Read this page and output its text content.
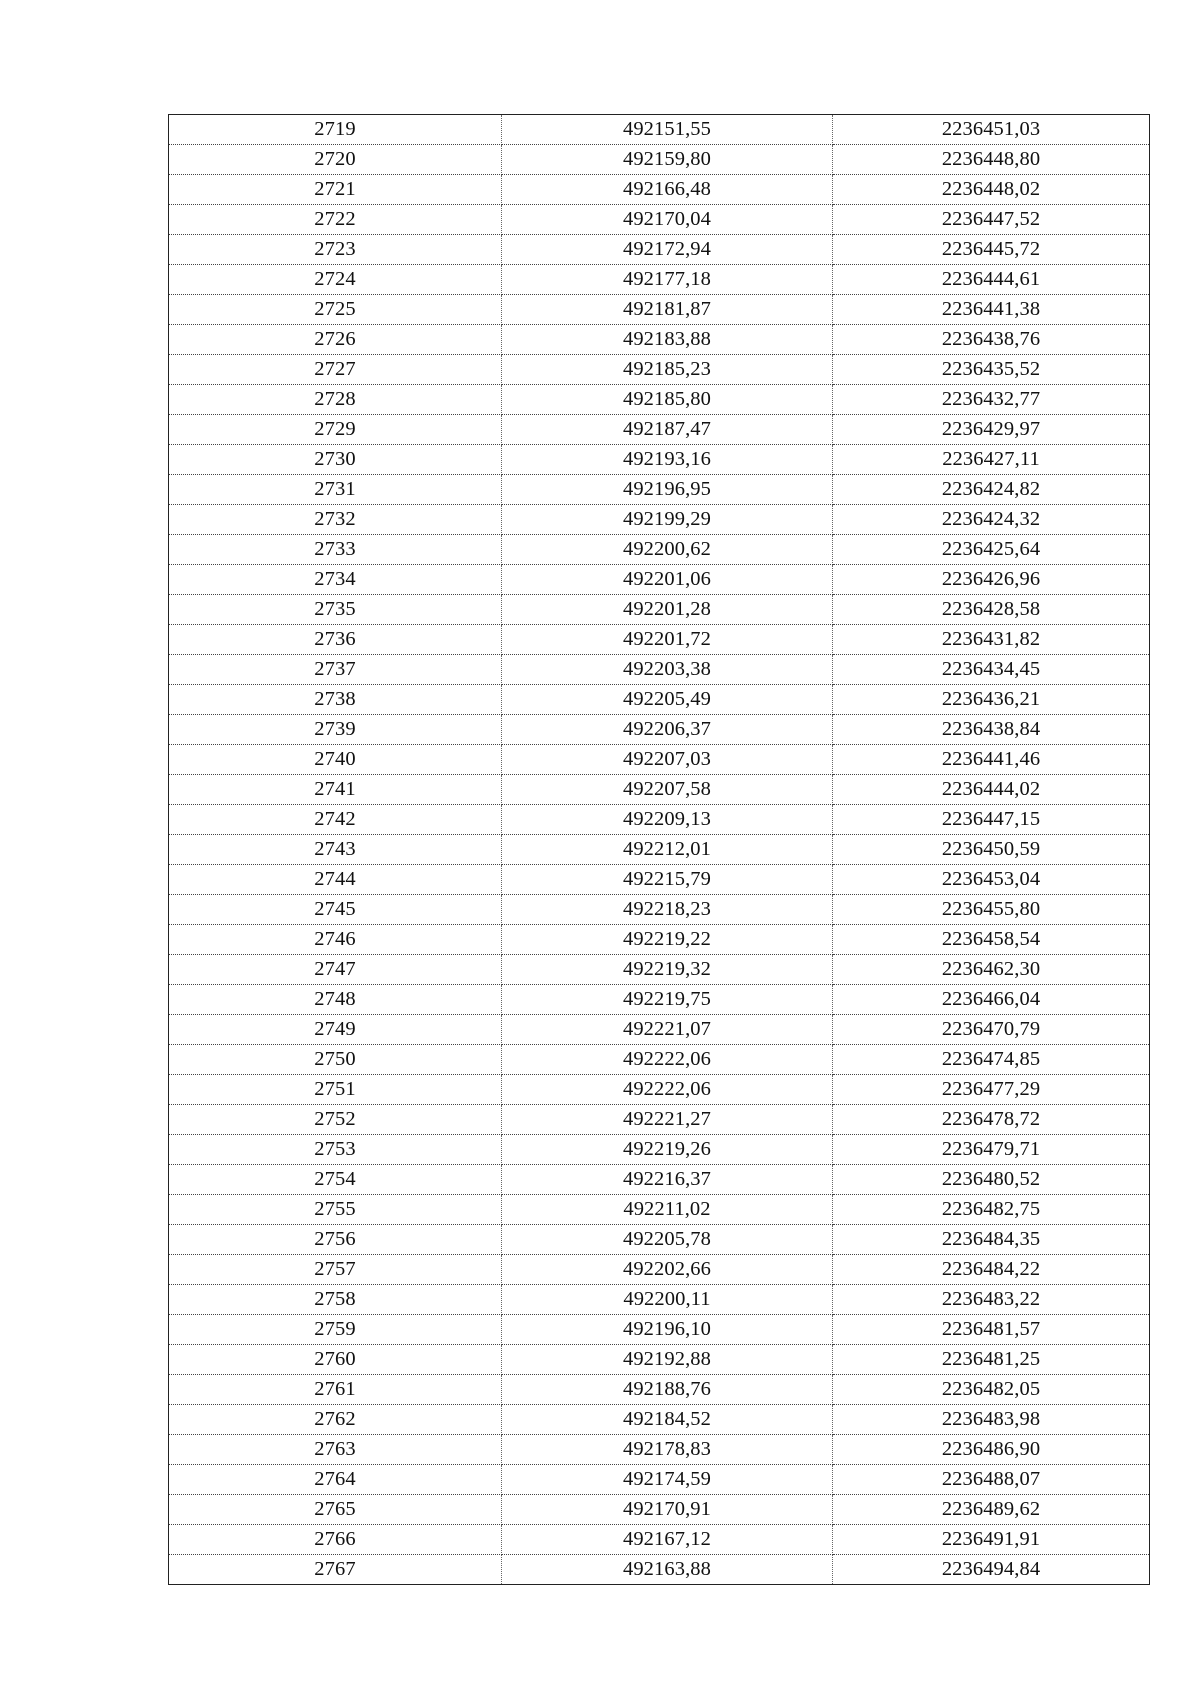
2719	492151,55	2236451,03
2720	492159,80	2236448,80
2721	492166,48	2236448,02
2722	492170,04	2236447,52
2723	492172,94	2236445,72
2724	492177,18	2236444,61
2725	492181,87	2236441,38
2726	492183,88	2236438,76
2727	492185,23	2236435,52
2728	492185,80	2236432,77
2729	492187,47	2236429,97
2730	492193,16	2236427,11
2731	492196,95	2236424,82
2732	492199,29	2236424,32
2733	492200,62	2236425,64
2734	492201,06	2236426,96
2735	492201,28	2236428,58
2736	492201,72	2236431,82
2737	492203,38	2236434,45
2738	492205,49	2236436,21
2739	492206,37	2236438,84
2740	492207,03	2236441,46
2741	492207,58	2236444,02
2742	492209,13	2236447,15
2743	492212,01	2236450,59
2744	492215,79	2236453,04
2745	492218,23	2236455,80
2746	492219,22	2236458,54
2747	492219,32	2236462,30
2748	492219,75	2236466,04
2749	492221,07	2236470,79
2750	492222,06	2236474,85
2751	492222,06	2236477,29
2752	492221,27	2236478,72
2753	492219,26	2236479,71
2754	492216,37	2236480,52
2755	492211,02	2236482,75
2756	492205,78	2236484,35
2757	492202,66	2236484,22
2758	492200,11	2236483,22
2759	492196,10	2236481,57
2760	492192,88	2236481,25
2761	492188,76	2236482,05
2762	492184,52	2236483,98
2763	492178,83	2236486,90
2764	492174,59	2236488,07
2765	492170,91	2236489,62
2766	492167,12	2236491,91
2767	492163,88	2236494,84
